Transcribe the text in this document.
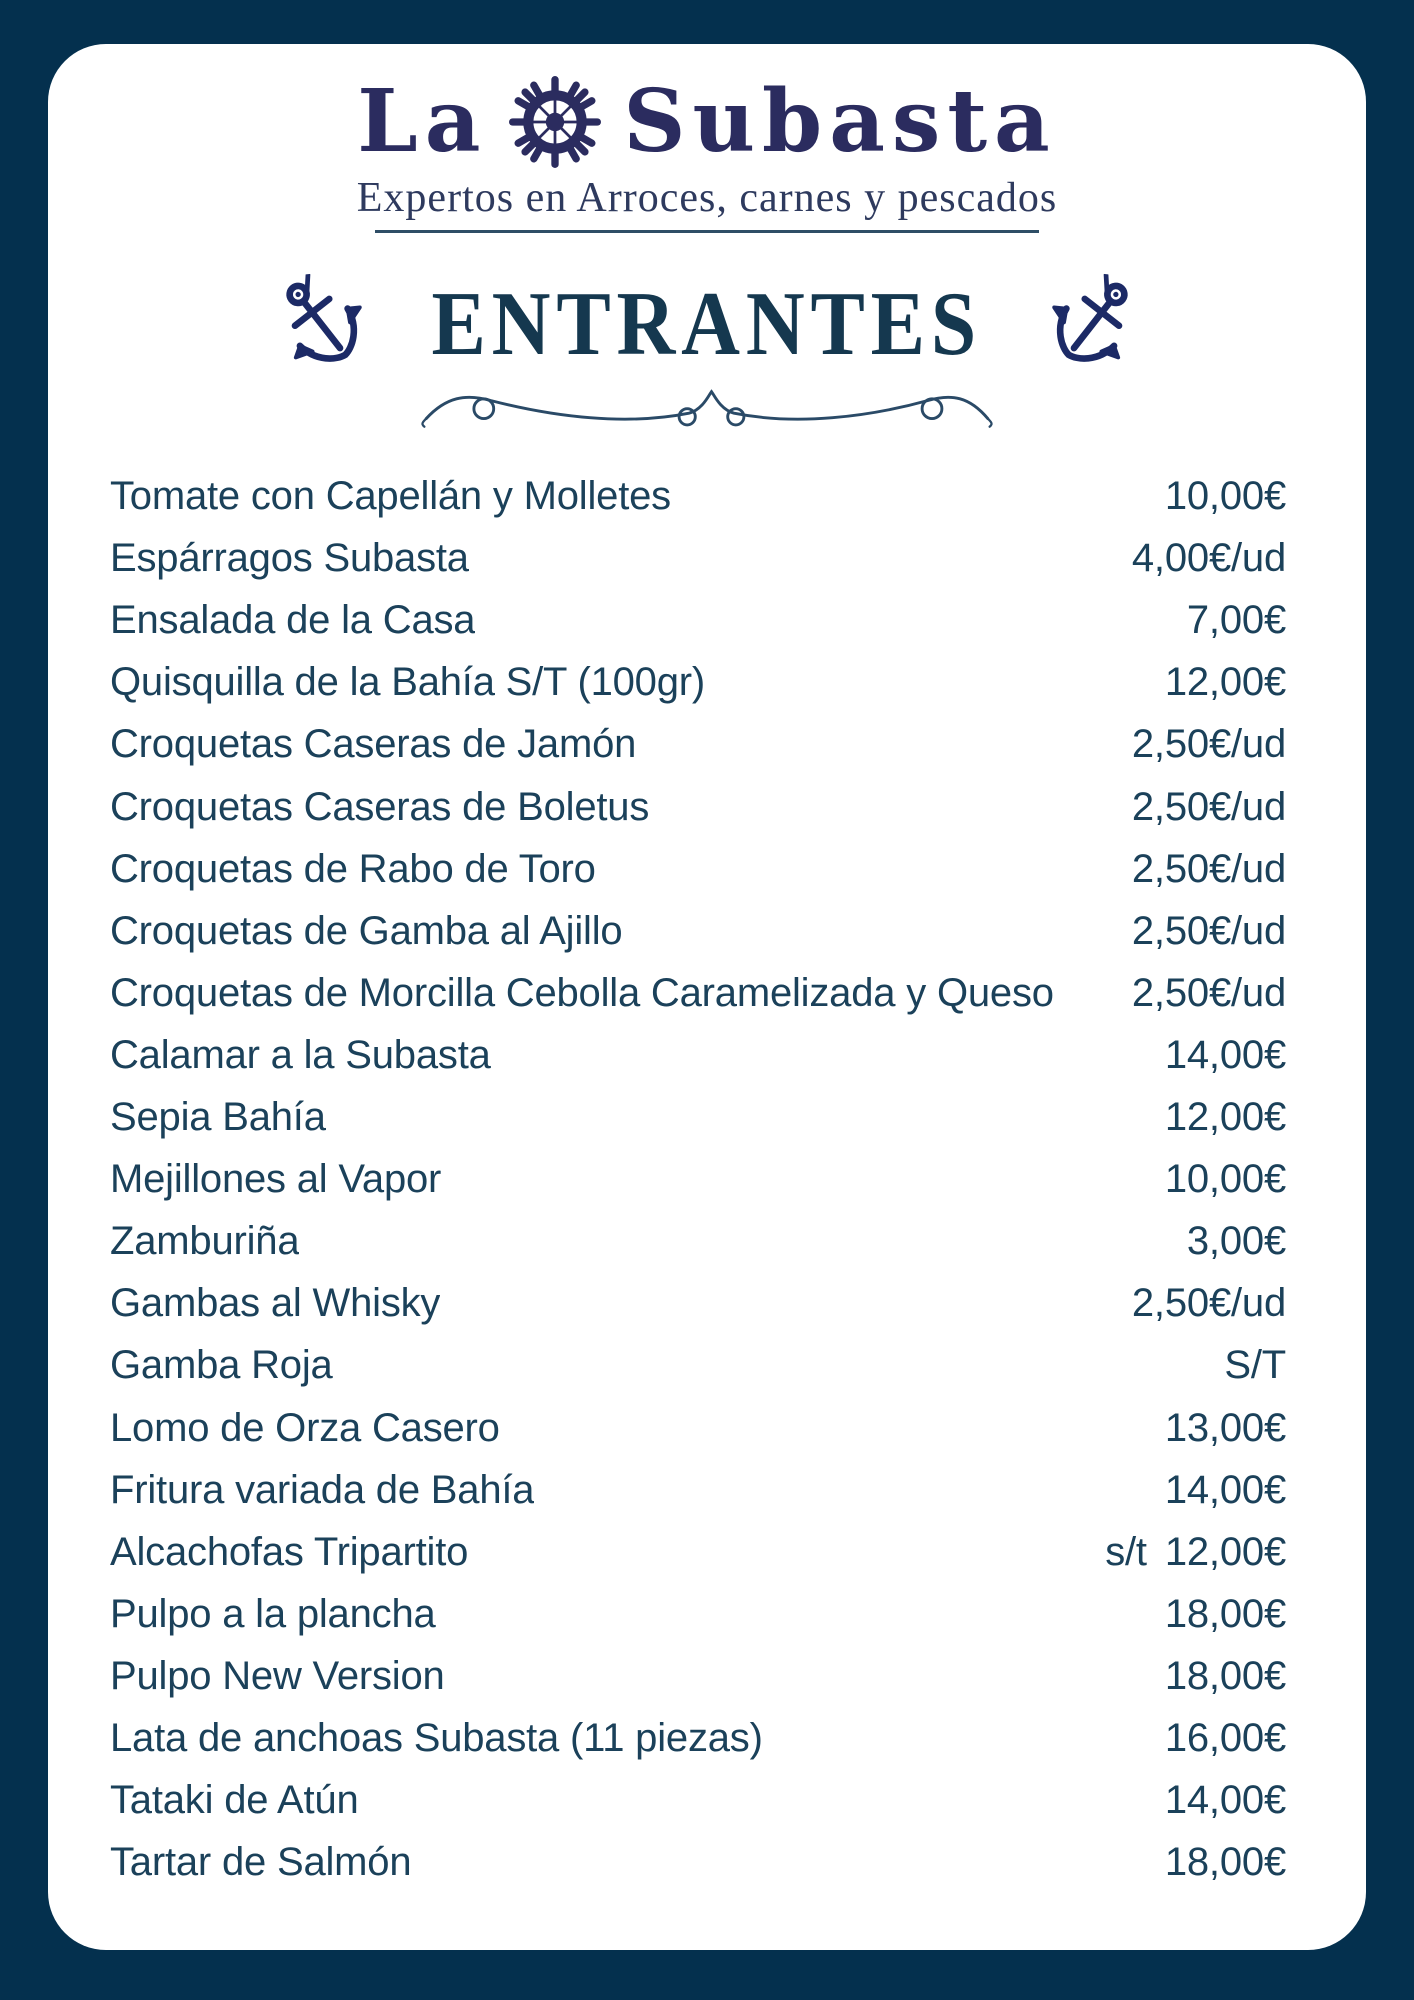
La Subasta
Expertos en Arroces, carnes y pescados
ENTRANTES
Tomate con Capellán y Molletes	10,00€
Espárragos Subasta	4,00€/ud
Ensalada de la Casa	7,00€
Quisquilla de la Bahía S/T (100gr)	12,00€
Croquetas Caseras de Jamón	2,50€/ud
Croquetas Caseras de Boletus	2,50€/ud
Croquetas de Rabo de Toro	2,50€/ud
Croquetas de Gamba al Ajillo	2,50€/ud
Croquetas de Morcilla Cebolla Caramelizada y Queso 2,50€/ud
Calamar a la Subasta	14,00€
Sepia Bahía	12,00€
Mejillones al Vapor	10,00€
Zamburiña	3,00€
Gambas al Whisky	2,50€/ud
Gamba Roja	S/T
Lomo de Orza Casero	13,00€
Fritura variada de Bahía	14,00€
Alcachofas Tripartito	s/t 12,00€
Pulpo a la plancha	18,00€
Pulpo New Version	18,00€
Lata de anchoas Subasta (11 piezas)	16,00€
Tataki de Atún	14,00€
Tartar de Salmón	18,00€
